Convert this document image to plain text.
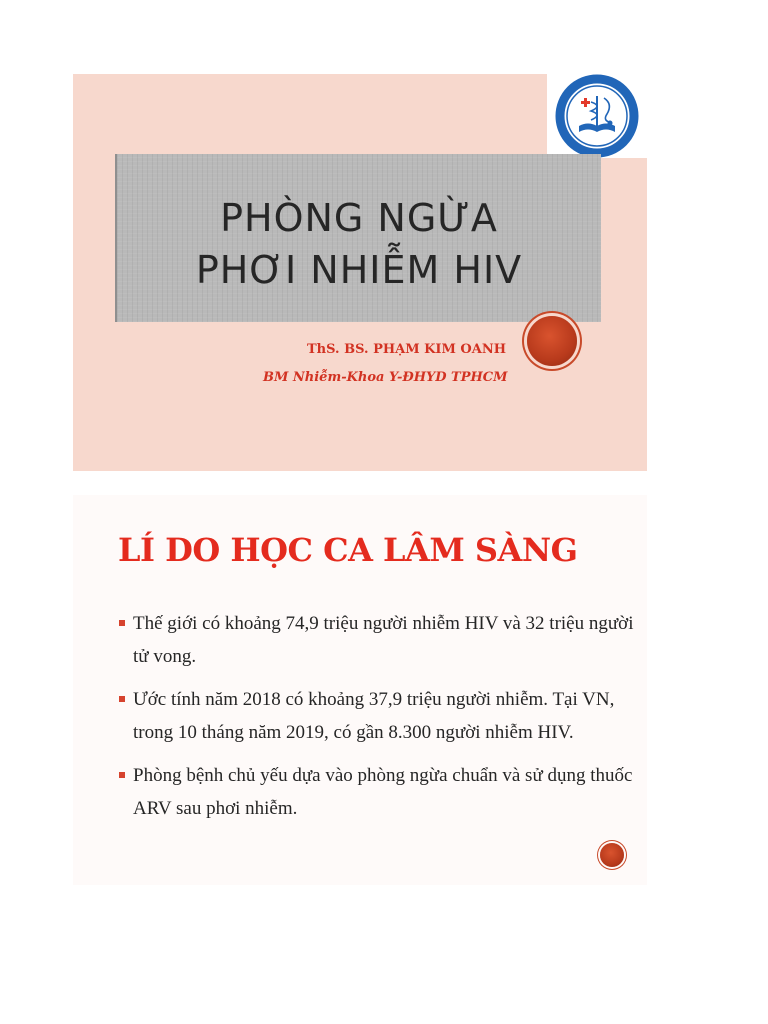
PHÒNG NGỪA
PHƠI NHIỄM HIV
ThS. BS. PHẠM KIM OANH
BM Nhiễm-Khoa Y-ĐHYD TPHCM
LÍ DO HỌC CA LÂM SÀNG
Thế giới có khoảng 74,9 triệu người nhiễm HIV và 32 triệu người tử vong.
Ước tính năm 2018 có khoảng 37,9 triệu người nhiễm. Tại VN, trong 10 tháng năm 2019, có gần 8.300 người nhiễm HIV.
Phòng bệnh chủ yếu dựa vào phòng ngừa chuẩn và sử dụng thuốc ARV sau phơi nhiễm.
